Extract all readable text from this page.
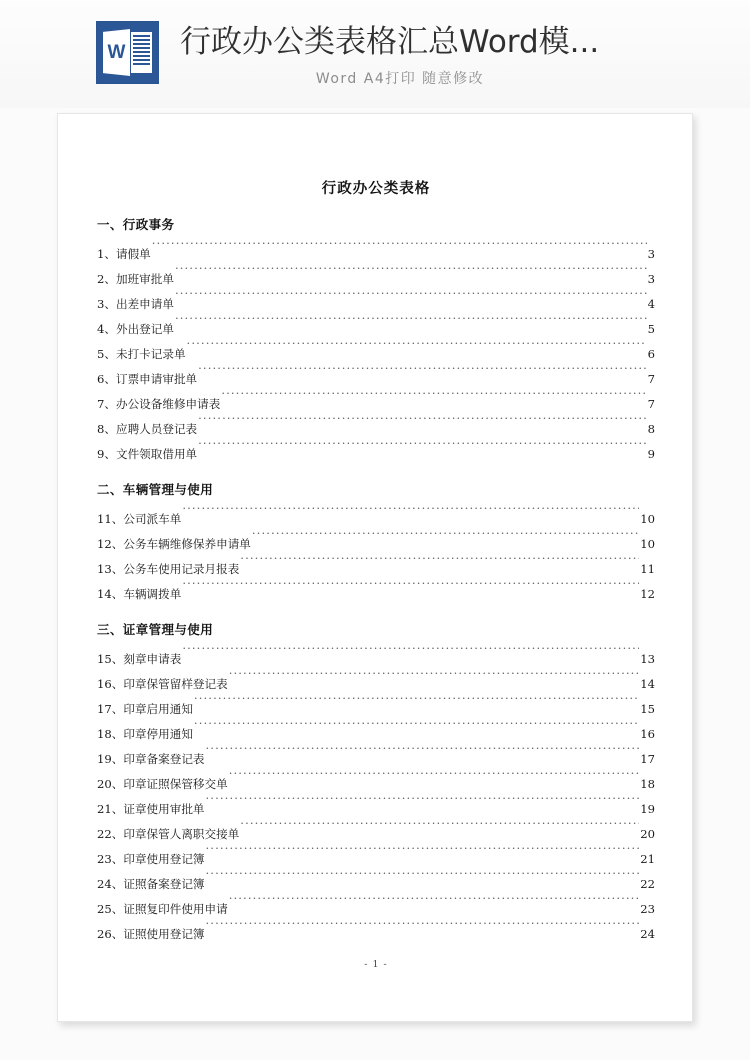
W 行政办公类表格汇总Word模...
Word A4打印 随意修改
行政办公类表格
一、行政事务
1、请假单 .....	3
2、加班审批单 .....	3
3、出差申请单 .....	4
4、外出登记单 .....	5
5、未打卡记录单 .....	6
6、订票申请审批单 .....	7
7、办公设备维修申请表 .....	7
8、应聘人员登记表 .....	8
9、文件领取借用单 .....	9
二、车辆管理与使用
11、公司派车单 .....	10
12、公务车辆维修保养申请单 .....	10
13、公务车使用记录月报表 .....	11
14、车辆调拨单 .....	12
三、证章管理与使用
15、刻章申请表 .....	13
16、印章保管留样登记表 .....	14
17、印章启用通知 .....	15
18、印章停用通知 .....	16
19、印章备案登记表 .....	17
20、印章证照保管移交单 .....	18
21、证章使用审批单 .....	19
22、印章保管人离职交接单 .....	20
23、印章使用登记簿 .....	21
24、证照备案登记簿 .....	22
25、证照复印件使用申请 .....	23
26、证照使用登记簿 .....	24
- 1 -
